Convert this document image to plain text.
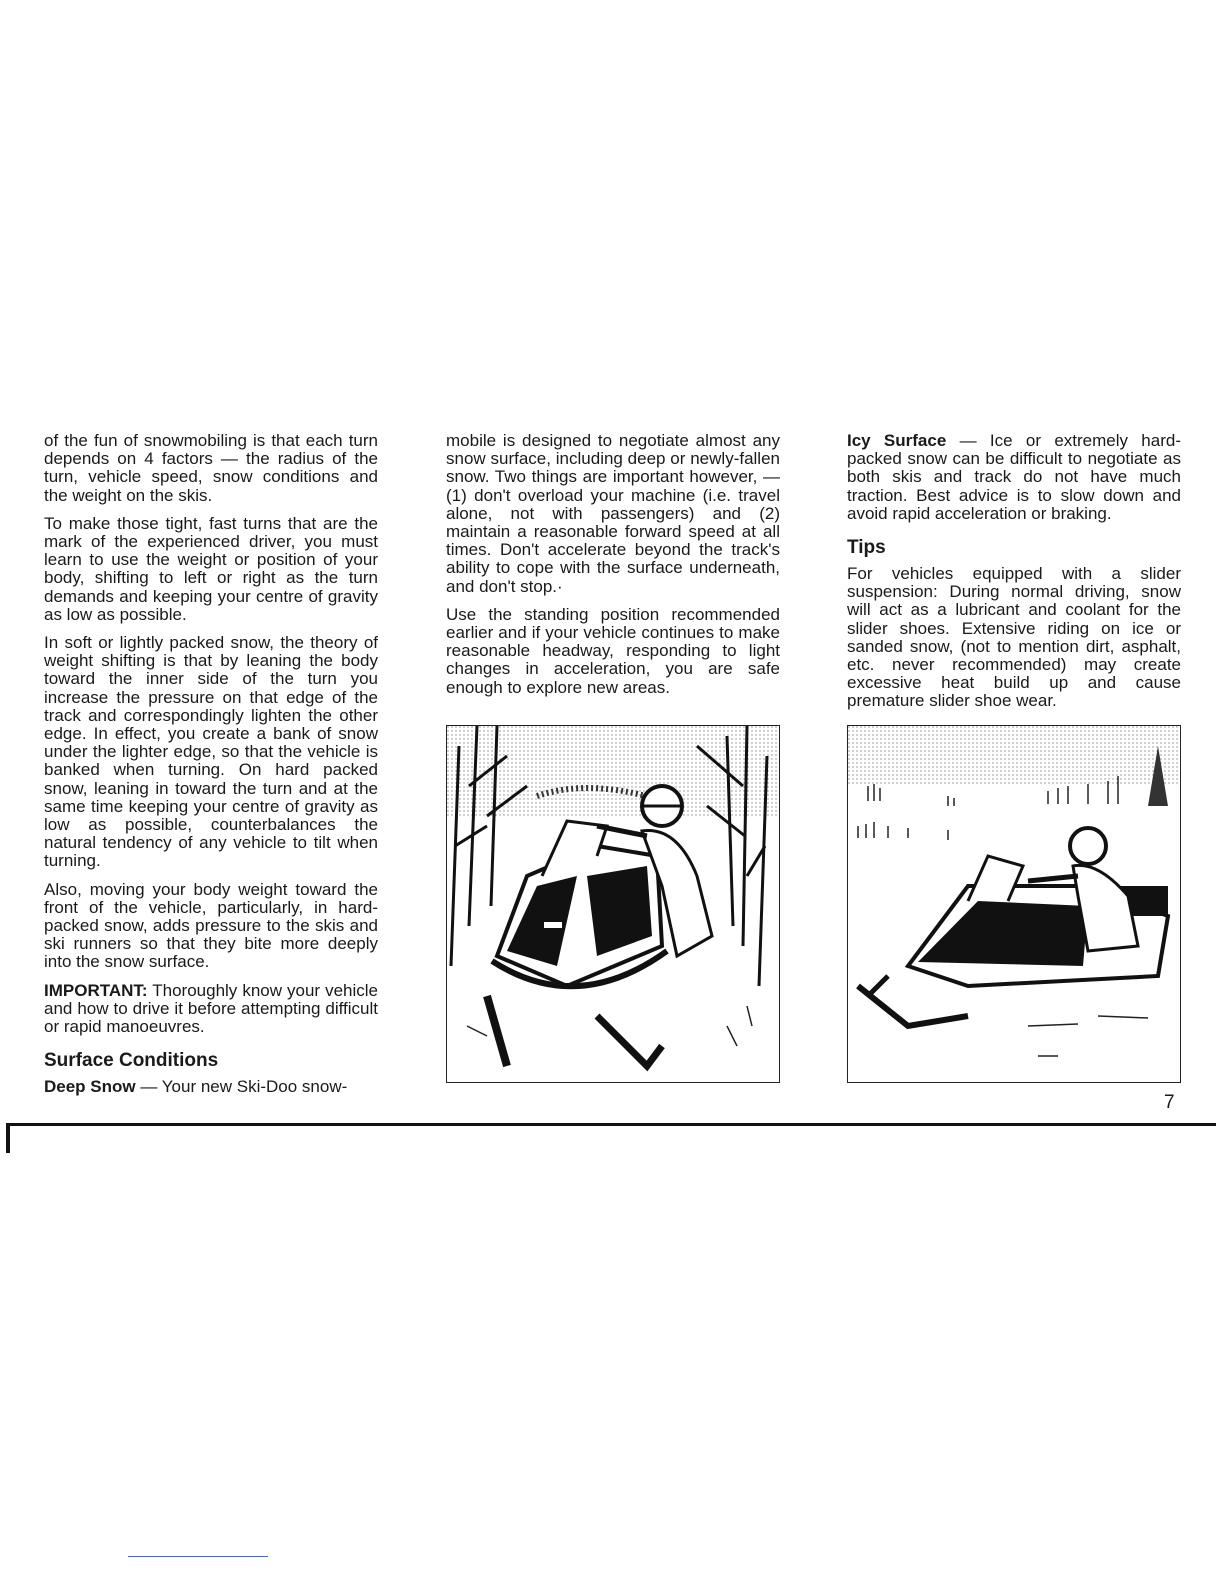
of the fun of snowmobiling is that each turn depends on 4 factors — the radius of the turn, vehicle speed, snow conditions and the weight on the skis.

To make those tight, fast turns that are the mark of the experienced driver, you must learn to use the weight or position of your body, shifting to left or right as the turn demands and keeping your centre of gravity as low as possible.

In soft or lightly packed snow, the theory of weight shifting is that by leaning the body toward the inner side of the turn you increase the pressure on that edge of the track and correspondingly lighten the other edge. In effect, you create a bank of snow under the lighter edge, so that the vehicle is banked when turning. On hard packed snow, leaning in toward the turn and at the same time keeping your centre of gravity as low as possible, counterbalances the natural tendency of any vehicle to tilt when turning.

Also, moving your body weight toward the front of the vehicle, particularly, in hard-packed snow, adds pressure to the skis and ski runners so that they bite more deeply into the snow surface.

IMPORTANT: Thoroughly know your vehicle and how to drive it before attempting difficult or rapid manoeuvres.

Surface Conditions

Deep Snow — Your new Ski-Doo snow-

mobile is designed to negotiate almost any snow surface, including deep or newly-fallen snow. Two things are important however, — (1) don't overload your machine (i.e. travel alone, not with passengers) and (2) maintain a reasonable forward speed at all times. Don't accelerate beyond the track's ability to cope with the surface underneath, and don't stop.·

Use the standing position recommended earlier and if your vehicle continues to make reasonable headway, responding to light changes in acceleration, you are safe enough to explore new areas.

Icy Surface — Ice or extremely hard-packed snow can be difficult to negotiate as both skis and track do not have much traction. Best advice is to slow down and avoid rapid acceleration or braking.

Tips

For vehicles equipped with a slider suspension: During normal driving, snow will act as a lubricant and coolant for the slider shoes. Extensive riding on ice or sanded snow, (not to mention dirt, asphalt, etc. never recommended) may create excessive heat build up and cause premature slider shoe wear.

7
